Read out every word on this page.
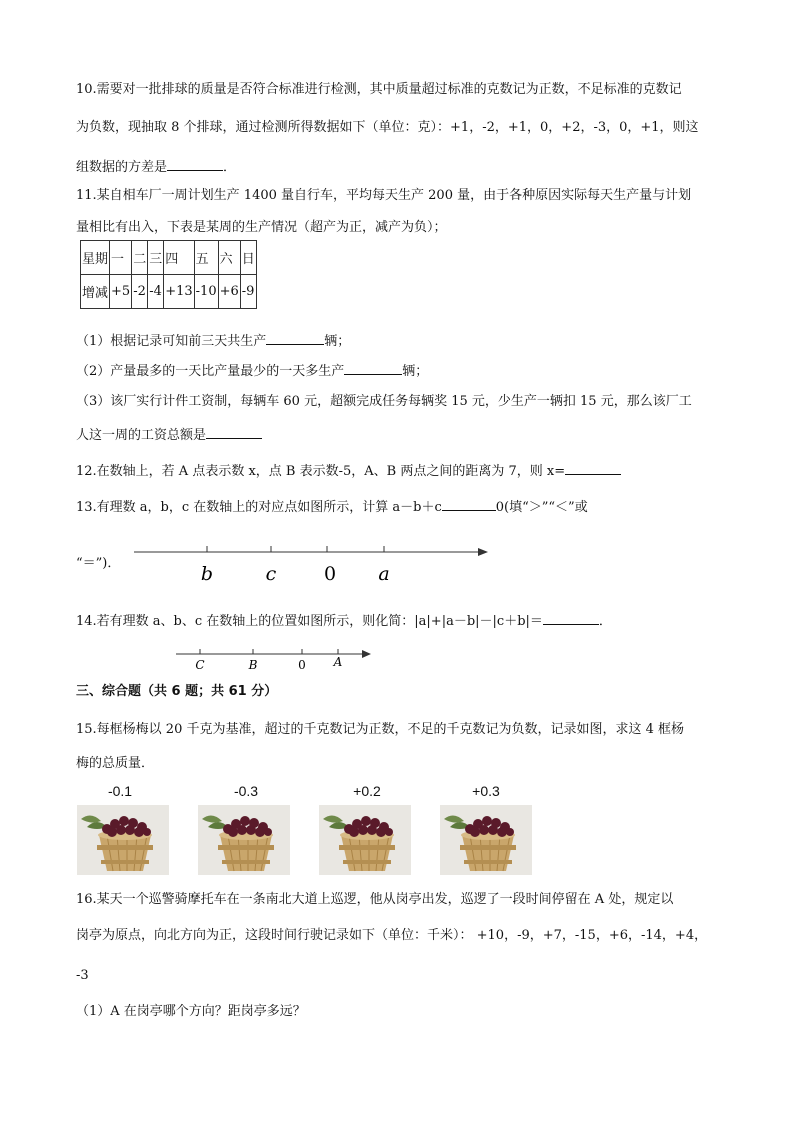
10.需要对一批排球的质量是否符合标准进行检测，其中质量超过标准的克数记为正数，不足标准的克数记
为负数，现抽取 8 个排球，通过检测所得数据如下（单位：克）：+1，-2，+1，0，+2，-3，0，+1，则这
组数据的方差是	．
11.某自相车厂一周计划生产 1400 量自行车，平均每天生产 200 量，由于各种原因实际每天生产量与计划
量相比有出入，下表是某周的生产情况（超产为正，减产为负）；
星期	一	二	三	四	五	六	日
增减	+5	-2	-4	+13	-10	+6	-9
（1）根据记录可知前三天共生产	辆；
（2）产量最多的一天比产量最少的一天多生产	辆；
（3）该厂实行计件工资制，每辆车 60 元，超额完成任务每辆奖 15 元，少生产一辆扣 15 元，那么该厂工
人这一周的工资总额是
12.在数轴上，若 A 点表示数 x，点 B 表示数-5，A、B 两点之间的距离为 7，则 x=
13.有理数 a，b，c 在数轴上的对应点如图所示，计算 a－b＋c	0(填“＞”“＜”或
“＝”)．	b	c	0 a
14.若有理数 a、b、c 在数轴上的位置如图所示，则化简：|a|+|a－b|－|c＋b|＝	．
C	B	0 A
三、综合题（共 6 题；共 61 分）
15.每框杨梅以 20 千克为基准，超过的千克数记为正数，不足的千克数记为负数，记录如图，求这 4 框杨
梅的总质量．
-0.1	-0.3	+0.2	+0.3
16.某天一个巡警骑摩托车在一条南北大道上巡逻，他从岗亭出发，巡逻了一段时间停留在 A 处，规定以
岗亭为原点，向北方向为正，这段时间行驶记录如下（单位：千米）： +10，-9，+7，-15，+6，-14，+4，
-3
（1）A 在岗亭哪个方向？距岗亭多远？
